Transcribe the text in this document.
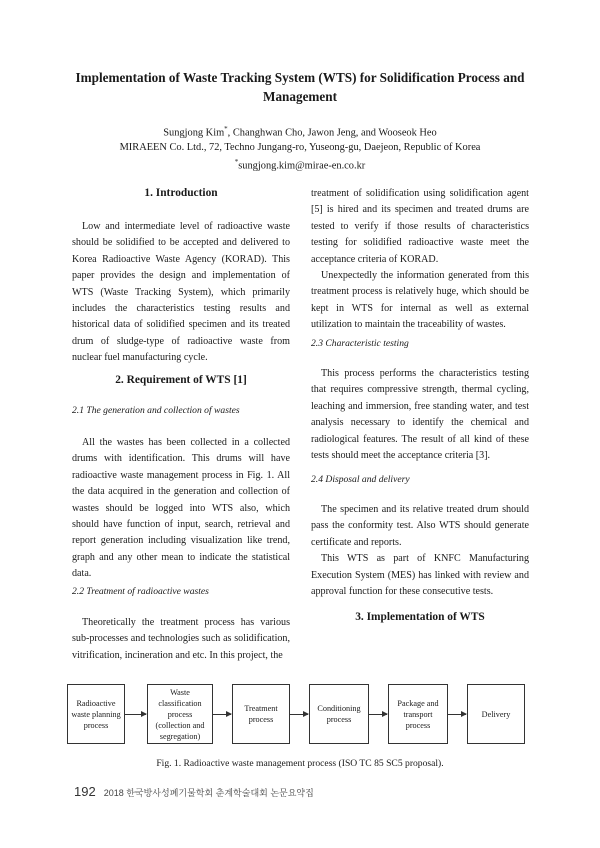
Implementation of Waste Tracking System (WTS) for Solidification Process and Management
Sungjong Kim*, Changhwan Cho, Jawon Jeng, and Wooseok Heo
MIRAEEN Co. Ltd., 72, Techno Jungang-ro, Yuseong-gu, Daejeon, Republic of Korea
*sungjong.kim@mirae-en.co.kr
1. Introduction

Low and intermediate level of radioactive waste should be solidified to be accepted and delivered to Korea Radioactive Waste Agency (KORAD). This paper provides the design and implementation of WTS (Waste Tracking System), which primarily includes the characteristics testing results and historical data of solidified specimen and its treated drum of sludge-type of radioactive waste from nuclear fuel manufacturing cycle.

2. Requirement of WTS [1]
2.1 The generation and collection of wastes

All the wastes has been collected in a collected drums with identification. This drums will have radioactive waste management process in Fig. 1. All the data acquired in the generation and collection of wastes should be logged into WTS also, which should have function of input, search, retrieval and report generation including visualization like trend, graph and any other mean to indicate the statistical data.

2.2 Treatment of radioactive wastes

Theoretically the treatment process has various sub-processes and technologies such as solidification, vitrification, incineration and etc. In this project, the

treatment of solidification using solidification agent [5] is hired and its specimen and treated drums are tested to verify if those results of characteristics testing for solidified radioactive waste meet the acceptance criteria of KORAD.

Unexpectedly the information generated from this treatment process is relatively huge, which should be kept in WTS for internal as well as external utilization to maintain the traceability of wastes.

2.3 Characteristic testing

This process performs the characteristics testing that requires compressive strength, thermal cycling, leaching and immersion, free standing water, and test analysis necessary to identify the chemical and radiological features. The result of all kind of these tests should meet the acceptance criteria [3].

2.4 Disposal and delivery

The specimen and its relative treated drum should pass the conformity test. Also WTS should generate certificate and reports.

This WTS as part of KNFC Manufacturing Execution System (MES) has linked with review and approval function for these consecutive tests.

3. Implementation of WTS
Radioactive waste planning process
Waste classification process (collection and segregation)
Treatment process
Conditioning process
Package and transport process
Delivery
Fig. 1. Radioactive waste management process (ISO TC 85 SC5 proposal).
192 2018 한국방사성폐기물학회 춘계학술대회 논문요약집
